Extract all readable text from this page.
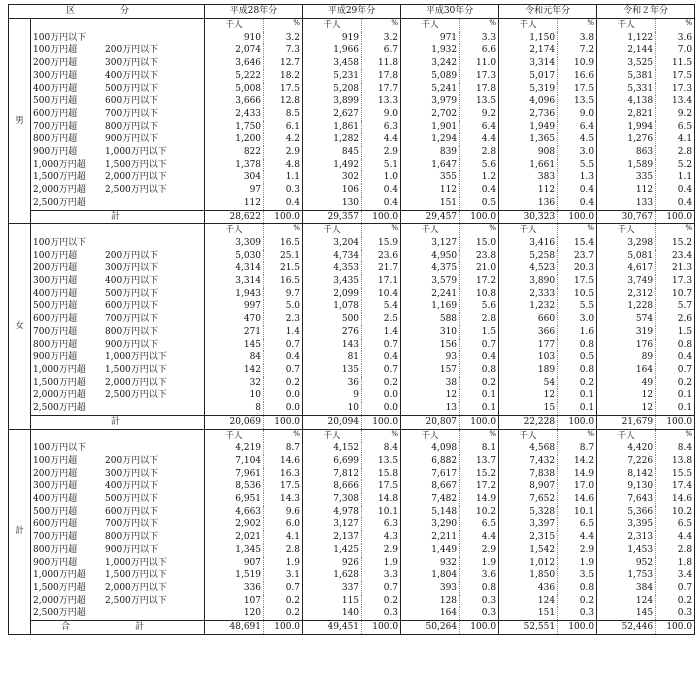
区　分		平成28年分		平成29年分		平成30年分		令和元年分		令和２年分	
男		千人	%	千人	%	千人	%	千人	%	千人	%
	100万円以下	910	3.2	919	3.2	971	3.3	1,150	3.8	1,122	3.6
	100万円超 200万円以下	2,074	7.3	1,966	6.7	1,932	6.6	2,174	7.2	2,144	7.0
	200万円超 300万円以下	3,646	12.7	3,458	11.8	3,242	11.0	3,314	10.9	3,525	11.5
	300万円超 400万円以下	5,222	18.2	5,231	17.8	5,089	17.3	5,017	16.6	5,381	17.5
	400万円超 500万円以下	5,008	17.5	5,208	17.7	5,241	17.8	5,319	17.5	5,331	17.3
	500万円超 600万円以下	3,666	12.8	3,899	13.3	3,979	13.5	4,096	13.5	4,138	13.4
	600万円超 700万円以下	2,433	8.5	2,627	9.0	2,702	9.2	2,736	9.0	2,821	9.2
	700万円超 800万円以下	1,750	6.1	1,861	6.3	1,901	6.4	1,949	6.4	1,994	6.5
	800万円超 900万円以下	1,200	4.2	1,282	4.4	1,294	4.4	1,365	4.5	1,276	4.1
	900万円超 1,000万円以下	822	2.9	845	2.9	839	2.8	908	3.0	863	2.8
	1,000万円超 1,500万円以下	1,378	4.8	1,492	5.1	1,647	5.6	1,661	5.5	1,589	5.2
	1,500万円超 2,000万円以下	304	1.1	302	1.0	355	1.2	383	1.3	335	1.1
	2,000万円超 2,500万円以下	97	0.3	106	0.4	112	0.4	112	0.4	112	0.4
	2,500万円超	112	0.4	130	0.4	151	0.5	136	0.4	133	0.4
	計	28,622	100.0	29,357	100.0	29,457	100.0	30,323	100.0	30,767	100.0
女		千人	%	千人	%	千人	%	千人	%	千人	%
	100万円以下	3,309	16.5	3,204	15.9	3,127	15.0	3,416	15.4	3,298	15.2
	100万円超 200万円以下	5,030	25.1	4,734	23.6	4,950	23.8	5,258	23.7	5,081	23.4
	200万円超 300万円以下	4,314	21.5	4,353	21.7	4,375	21.0	4,523	20.3	4,617	21.3
	300万円超 400万円以下	3,314	16.5	3,435	17.1	3,579	17.2	3,890	17.5	3,749	17.3
	400万円超 500万円以下	1,943	9.7	2,099	10.4	2,241	10.8	2,333	10.5	2,312	10.7
	500万円超 600万円以下	997	5.0	1,078	5.4	1,169	5.6	1,232	5.5	1,228	5.7
	600万円超 700万円以下	470	2.3	500	2.5	588	2.8	660	3.0	574	2.6
	700万円超 800万円以下	271	1.4	276	1.4	310	1.5	366	1.6	319	1.5
	800万円超 900万円以下	145	0.7	143	0.7	156	0.7	177	0.8	176	0.8
	900万円超 1,000万円以下	84	0.4	81	0.4	93	0.4	103	0.5	89	0.4
	1,000万円超 1,500万円以下	142	0.7	135	0.7	157	0.8	189	0.8	164	0.7
	1,500万円超 2,000万円以下	32	0.2	36	0.2	38	0.2	54	0.2	49	0.2
	2,000万円超 2,500万円以下	10	0.0	9	0.0	12	0.1	12	0.1	12	0.1
	2,500万円超	8	0.0	10	0.0	13	0.1	15	0.1	12	0.1
	計	20,069	100.0	20,094	100.0	20,807	100.0	22,228	100.0	21,679	100.0
計		千人	%	千人	%	千人	%	千人	%	千人	%
	100万円以下	4,219	8.7	4,152	8.4	4,098	8.1	4,568	8.7	4,420	8.4
	100万円超 200万円以下	7,104	14.6	6,699	13.5	6,882	13.7	7,432	14.2	7,226	13.8
	200万円超 300万円以下	7,961	16.3	7,812	15.8	7,617	15.2	7,838	14.9	8,142	15.5
	300万円超 400万円以下	8,536	17.5	8,666	17.5	8,667	17.2	8,907	17.0	9,130	17.4
	400万円超 500万円以下	6,951	14.3	7,308	14.8	7,482	14.9	7,652	14.6	7,643	14.6
	500万円超 600万円以下	4,663	9.6	4,978	10.1	5,148	10.2	5,328	10.1	5,366	10.2
	600万円超 700万円以下	2,902	6.0	3,127	6.3	3,290	6.5	3,397	6.5	3,395	6.5
	700万円超 800万円以下	2,021	4.1	2,137	4.3	2,211	4.4	2,315	4.4	2,313	4.4
	800万円超 900万円以下	1,345	2.8	1,425	2.9	1,449	2.9	1,542	2.9	1,453	2.8
	900万円超 1,000万円以下	907	1.9	926	1.9	932	1.9	1,012	1.9	952	1.8
	1,000万円超 1,500万円以下	1,519	3.1	1,628	3.3	1,804	3.6	1,850	3.5	1,753	3.4
	1,500万円超 2,000万円以下	336	0.7	337	0.7	393	0.8	436	0.8	384	0.7
	2,000万円超 2,500万円以下	107	0.2	115	0.2	128	0.3	124	0.2	124	0.2
	2,500万円超	120	0.2	140	0.3	164	0.3	151	0.3	145	0.3
	合　計	48,691	100.0	49,451	100.0	50,264	100.0	52,551	100.0	52,446	100.0
